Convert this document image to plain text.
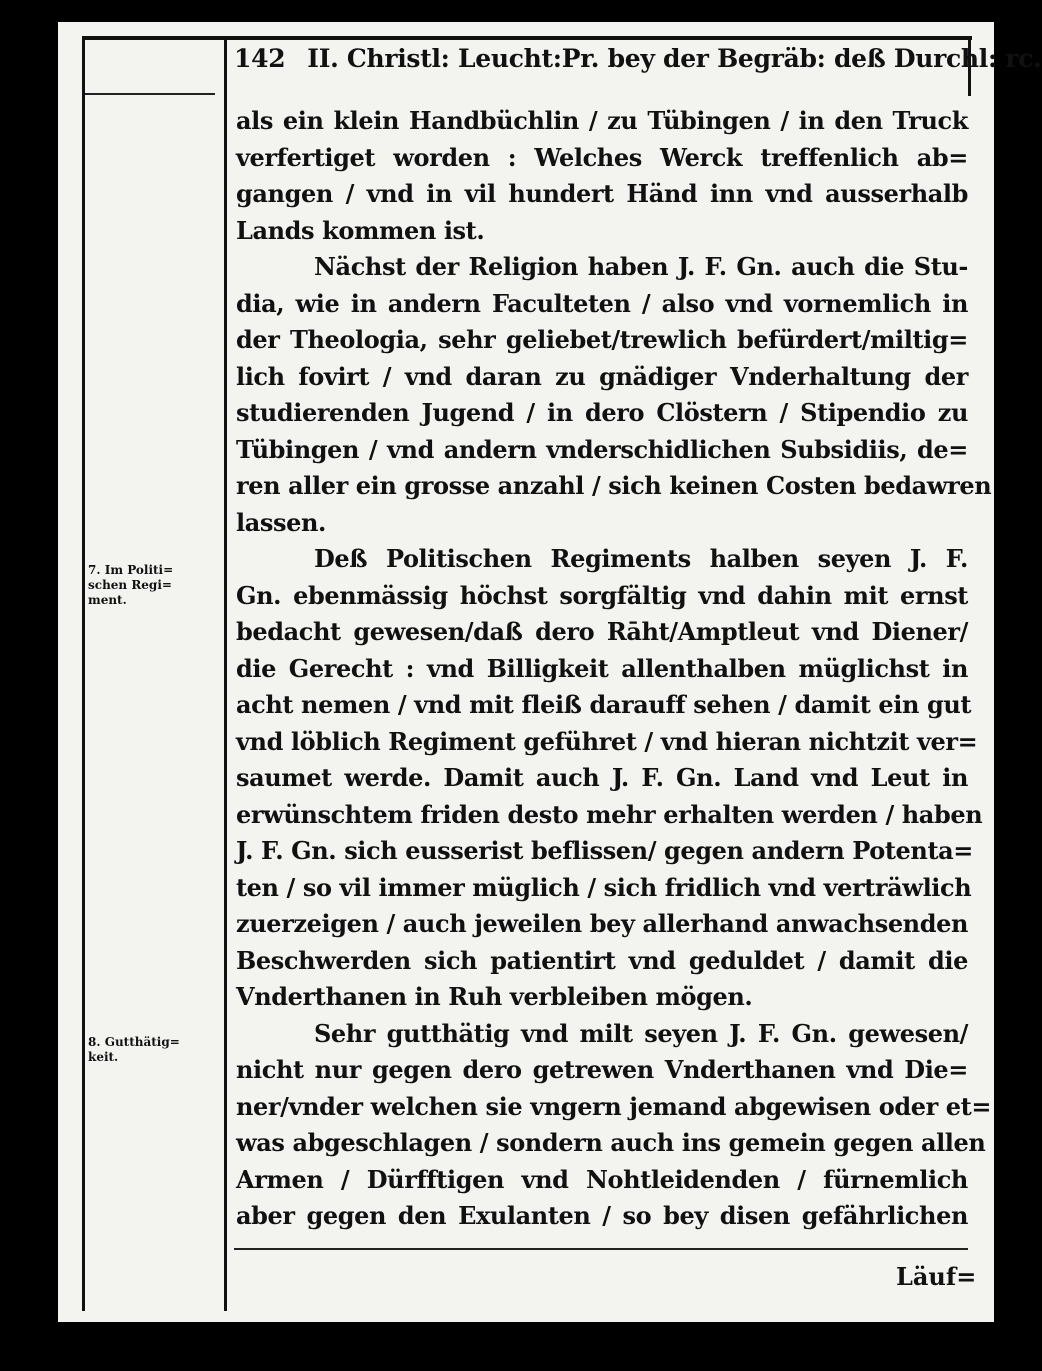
142 II. Christl: Leucht:Pr. bey der Begräb: deß Durchl: rc.
als ein klein Handbüchlin / zu Tübingen / in den Truck
verfertiget worden : Welches Werck treffenlich ab=
gangen / vnd in vil hundert Händ inn vnd ausserhalb
Lands kommen ist.
Nächst der Religion haben J. F. Gn. auch die Stu-
dia, wie in andern Faculteten / also vnd vornemlich in
der Theologia, sehr geliebet/trewlich befürdert/miltig=
lich fovirt / vnd daran zu gnädiger Vnderhaltung der
studierenden Jugend / in dero Clöstern / Stipendio zu
Tübingen / vnd andern vnderschidlichen Subsidiis, de=
ren aller ein grosse anzahl / sich keinen Costen bedawren
lassen.
Deß Politischen Regiments halben seyen J. F.
Gn. ebenmässig höchst sorgfältig vnd dahin mit ernst
bedacht gewesen/daß dero Rāht/Amptleut vnd Diener/
die Gerecht : vnd Billigkeit allenthalben müglichst in
acht nemen / vnd mit fleiß darauff sehen / damit ein gut
vnd löblich Regiment geführet / vnd hieran nichtzit ver=
saumet werde. Damit auch J. F. Gn. Land vnd Leut in
erwünschtem friden desto mehr erhalten werden / haben
J. F. Gn. sich eusserist beflissen/ gegen andern Potenta=
ten / so vil immer müglich / sich fridlich vnd verträwlich
zuerzeigen / auch jeweilen bey allerhand anwachsenden
Beschwerden sich patientirt vnd geduldet / damit die
Vnderthanen in Ruh verbleiben mögen.
Sehr gutthätig vnd milt seyen J. F. Gn. gewesen/
nicht nur gegen dero getrewen Vnderthanen vnd Die=
ner/vnder welchen sie vngern jemand abgewisen oder et=
was abgeschlagen / sondern auch ins gemein gegen allen
Armen / Dürfftigen vnd Nohtleidenden / fürnemlich
aber gegen den Exulanten / so bey disen gefährlichen
7. Im Politi=
schen Regi=
ment.
8. Gutthätig=
keit.
Läuf=
